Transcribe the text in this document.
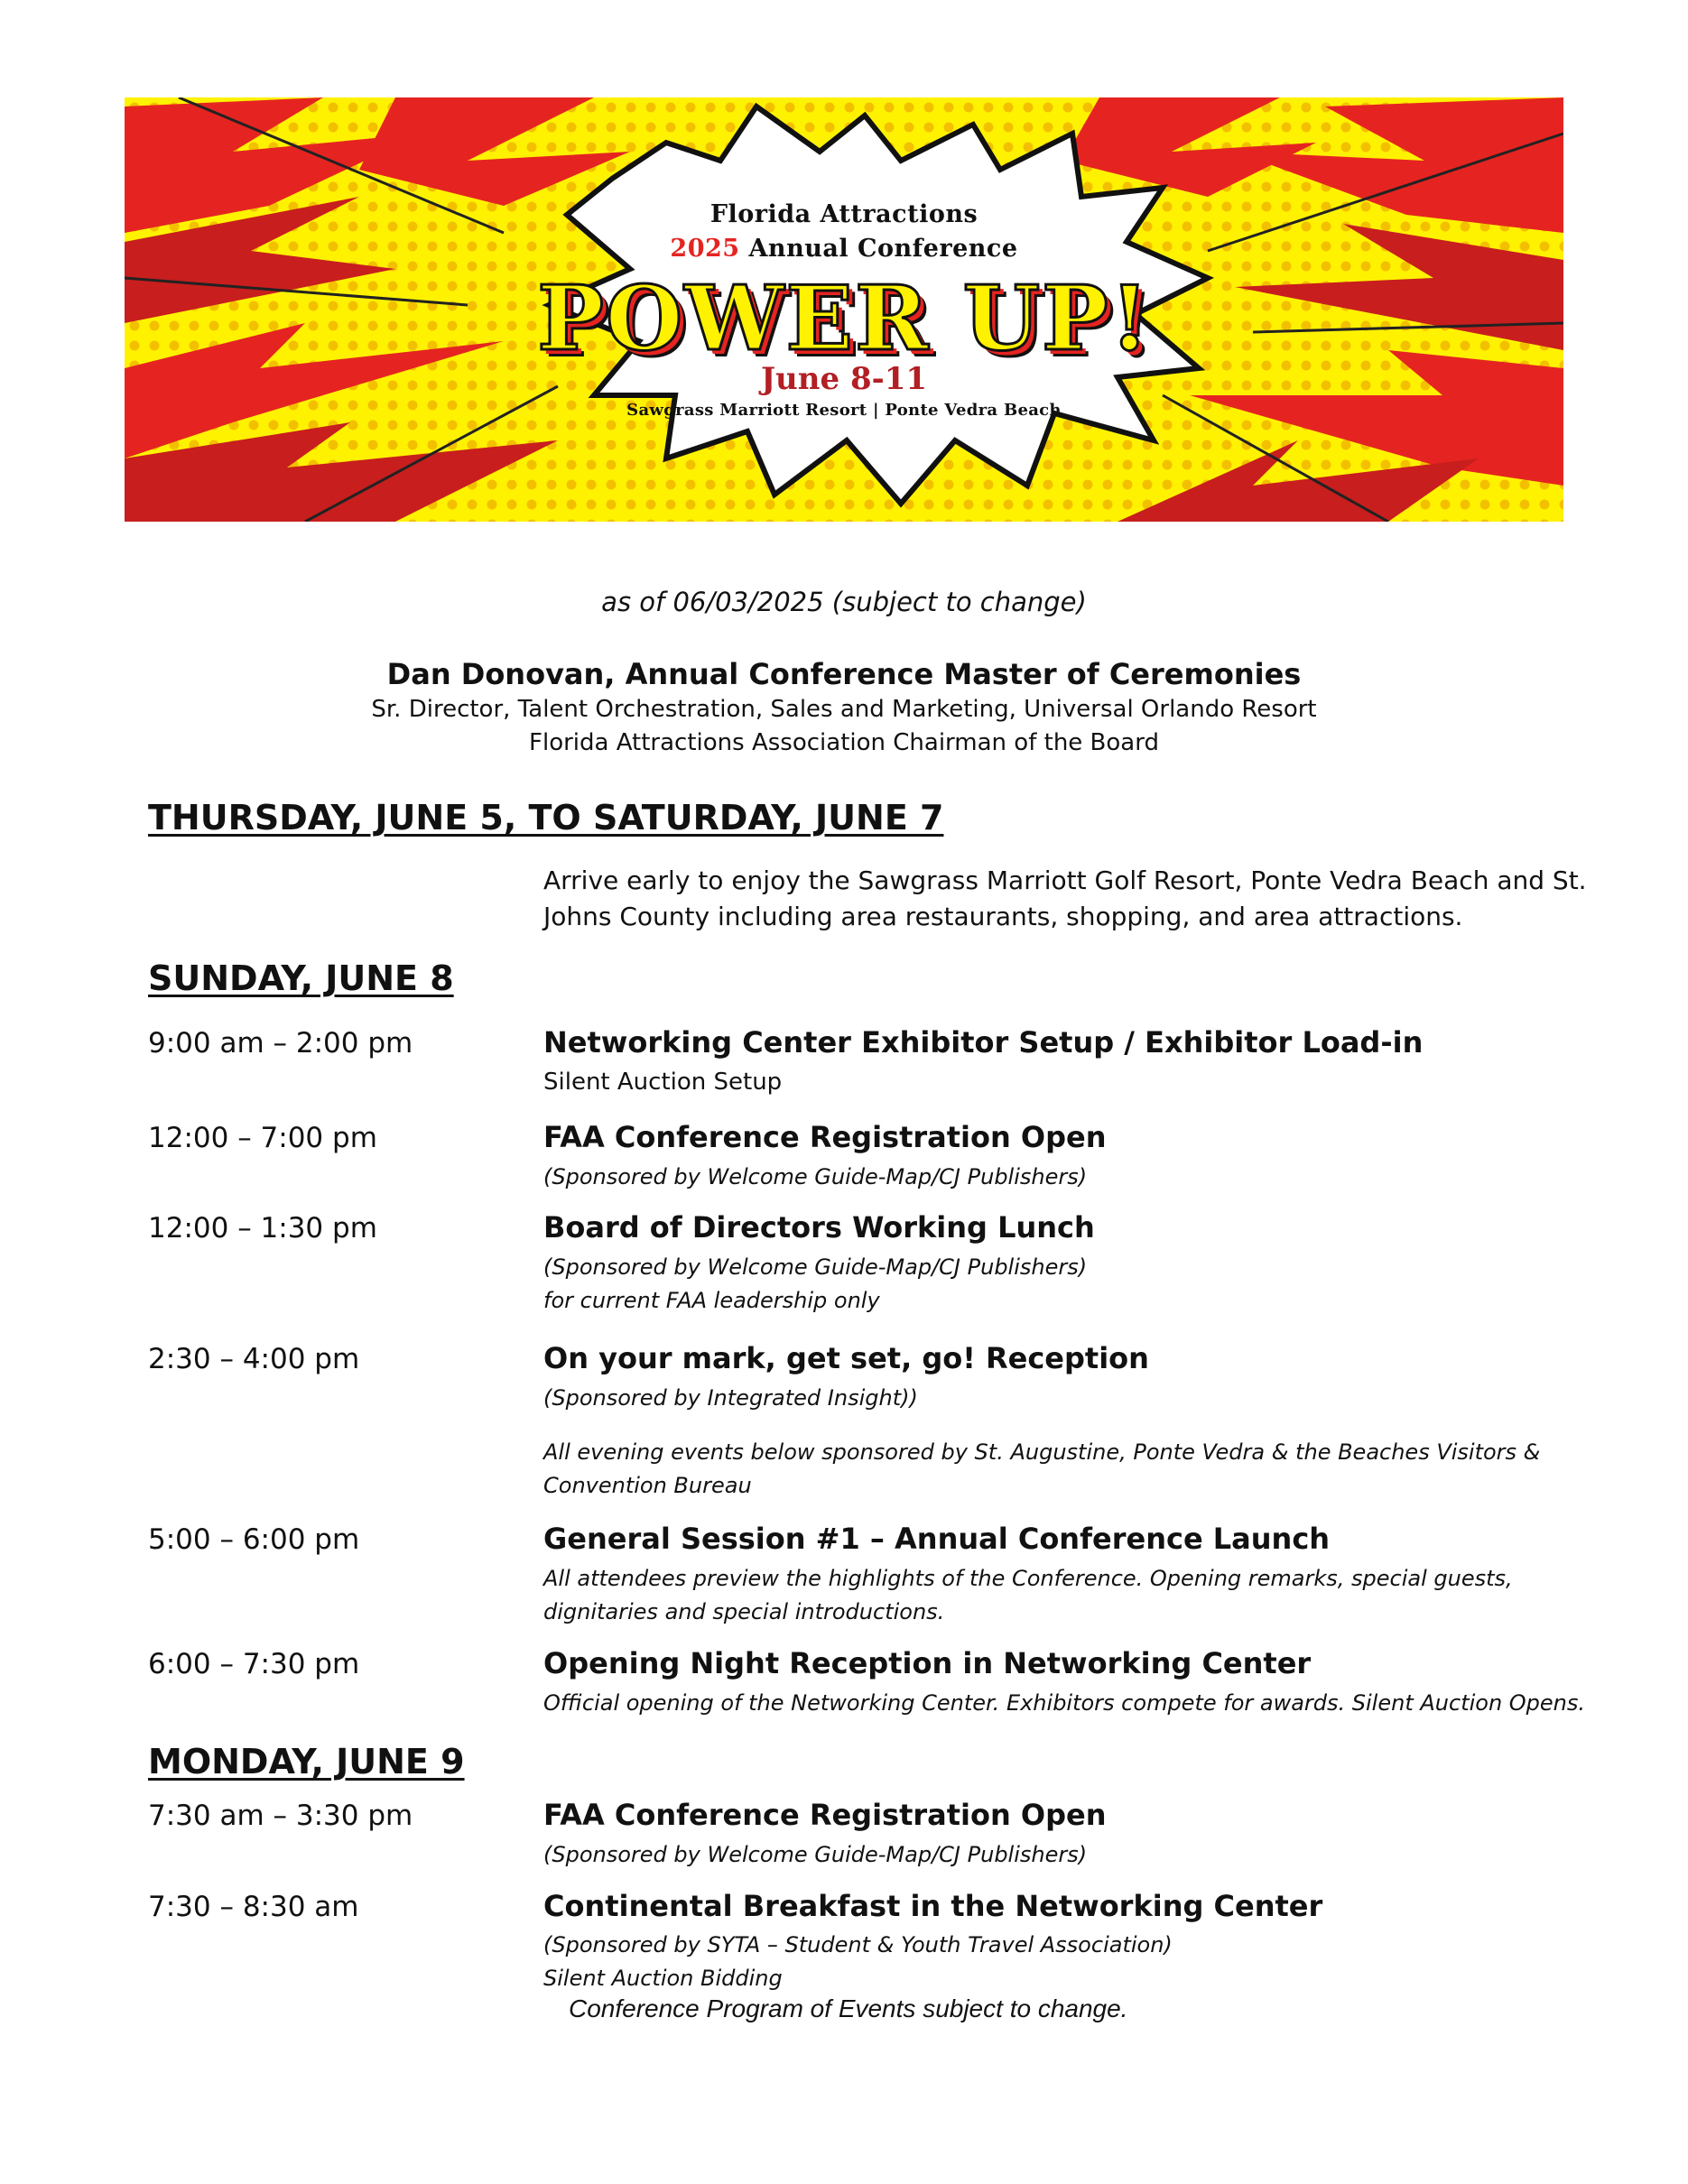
Florida Attractions
2025 Annual Conference
POWER UP!
June 8-11
Sawgrass Marriott Resort | Ponte Vedra Beach
as of 06/03/2025 (subject to change)
Dan Donovan, Annual Conference Master of Ceremonies
Sr. Director, Talent Orchestration, Sales and Marketing, Universal Orlando Resort
Florida Attractions Association Chairman of the Board
THURSDAY, JUNE 5, TO SATURDAY, JUNE 7
Arrive early to enjoy the Sawgrass Marriott Golf Resort, Ponte Vedra Beach and St.
Johns County including area restaurants, shopping, and area attractions.
SUNDAY, JUNE 8
9:00 am – 2:00 pm	Networking Center Exhibitor Setup / Exhibitor Load-in
Silent Auction Setup
12:00 – 7:00 pm	FAA Conference Registration Open
(Sponsored by Welcome Guide-Map/CJ Publishers)
12:00 – 1:30 pm	Board of Directors Working Lunch
(Sponsored by Welcome Guide-Map/CJ Publishers)
for current FAA leadership only
2:30 – 4:00 pm	On your mark, get set, go! Reception
(Sponsored by Integrated Insight))
All evening events below sponsored by St. Augustine, Ponte Vedra & the Beaches Visitors &
Convention Bureau
5:00 – 6:00 pm	General Session #1 – Annual Conference Launch
All attendees preview the highlights of the Conference. Opening remarks, special guests,
dignitaries and special introductions.
6:00 – 7:30 pm	Opening Night Reception in Networking Center
Official opening of the Networking Center. Exhibitors compete for awards. Silent Auction Opens.
MONDAY, JUNE 9
7:30 am – 3:30 pm	FAA Conference Registration Open
(Sponsored by Welcome Guide-Map/CJ Publishers)
7:30 – 8:30 am	Continental Breakfast in the Networking Center
(Sponsored by SYTA – Student & Youth Travel Association)
Silent Auction Bidding
Conference Program of Events subject to change.
